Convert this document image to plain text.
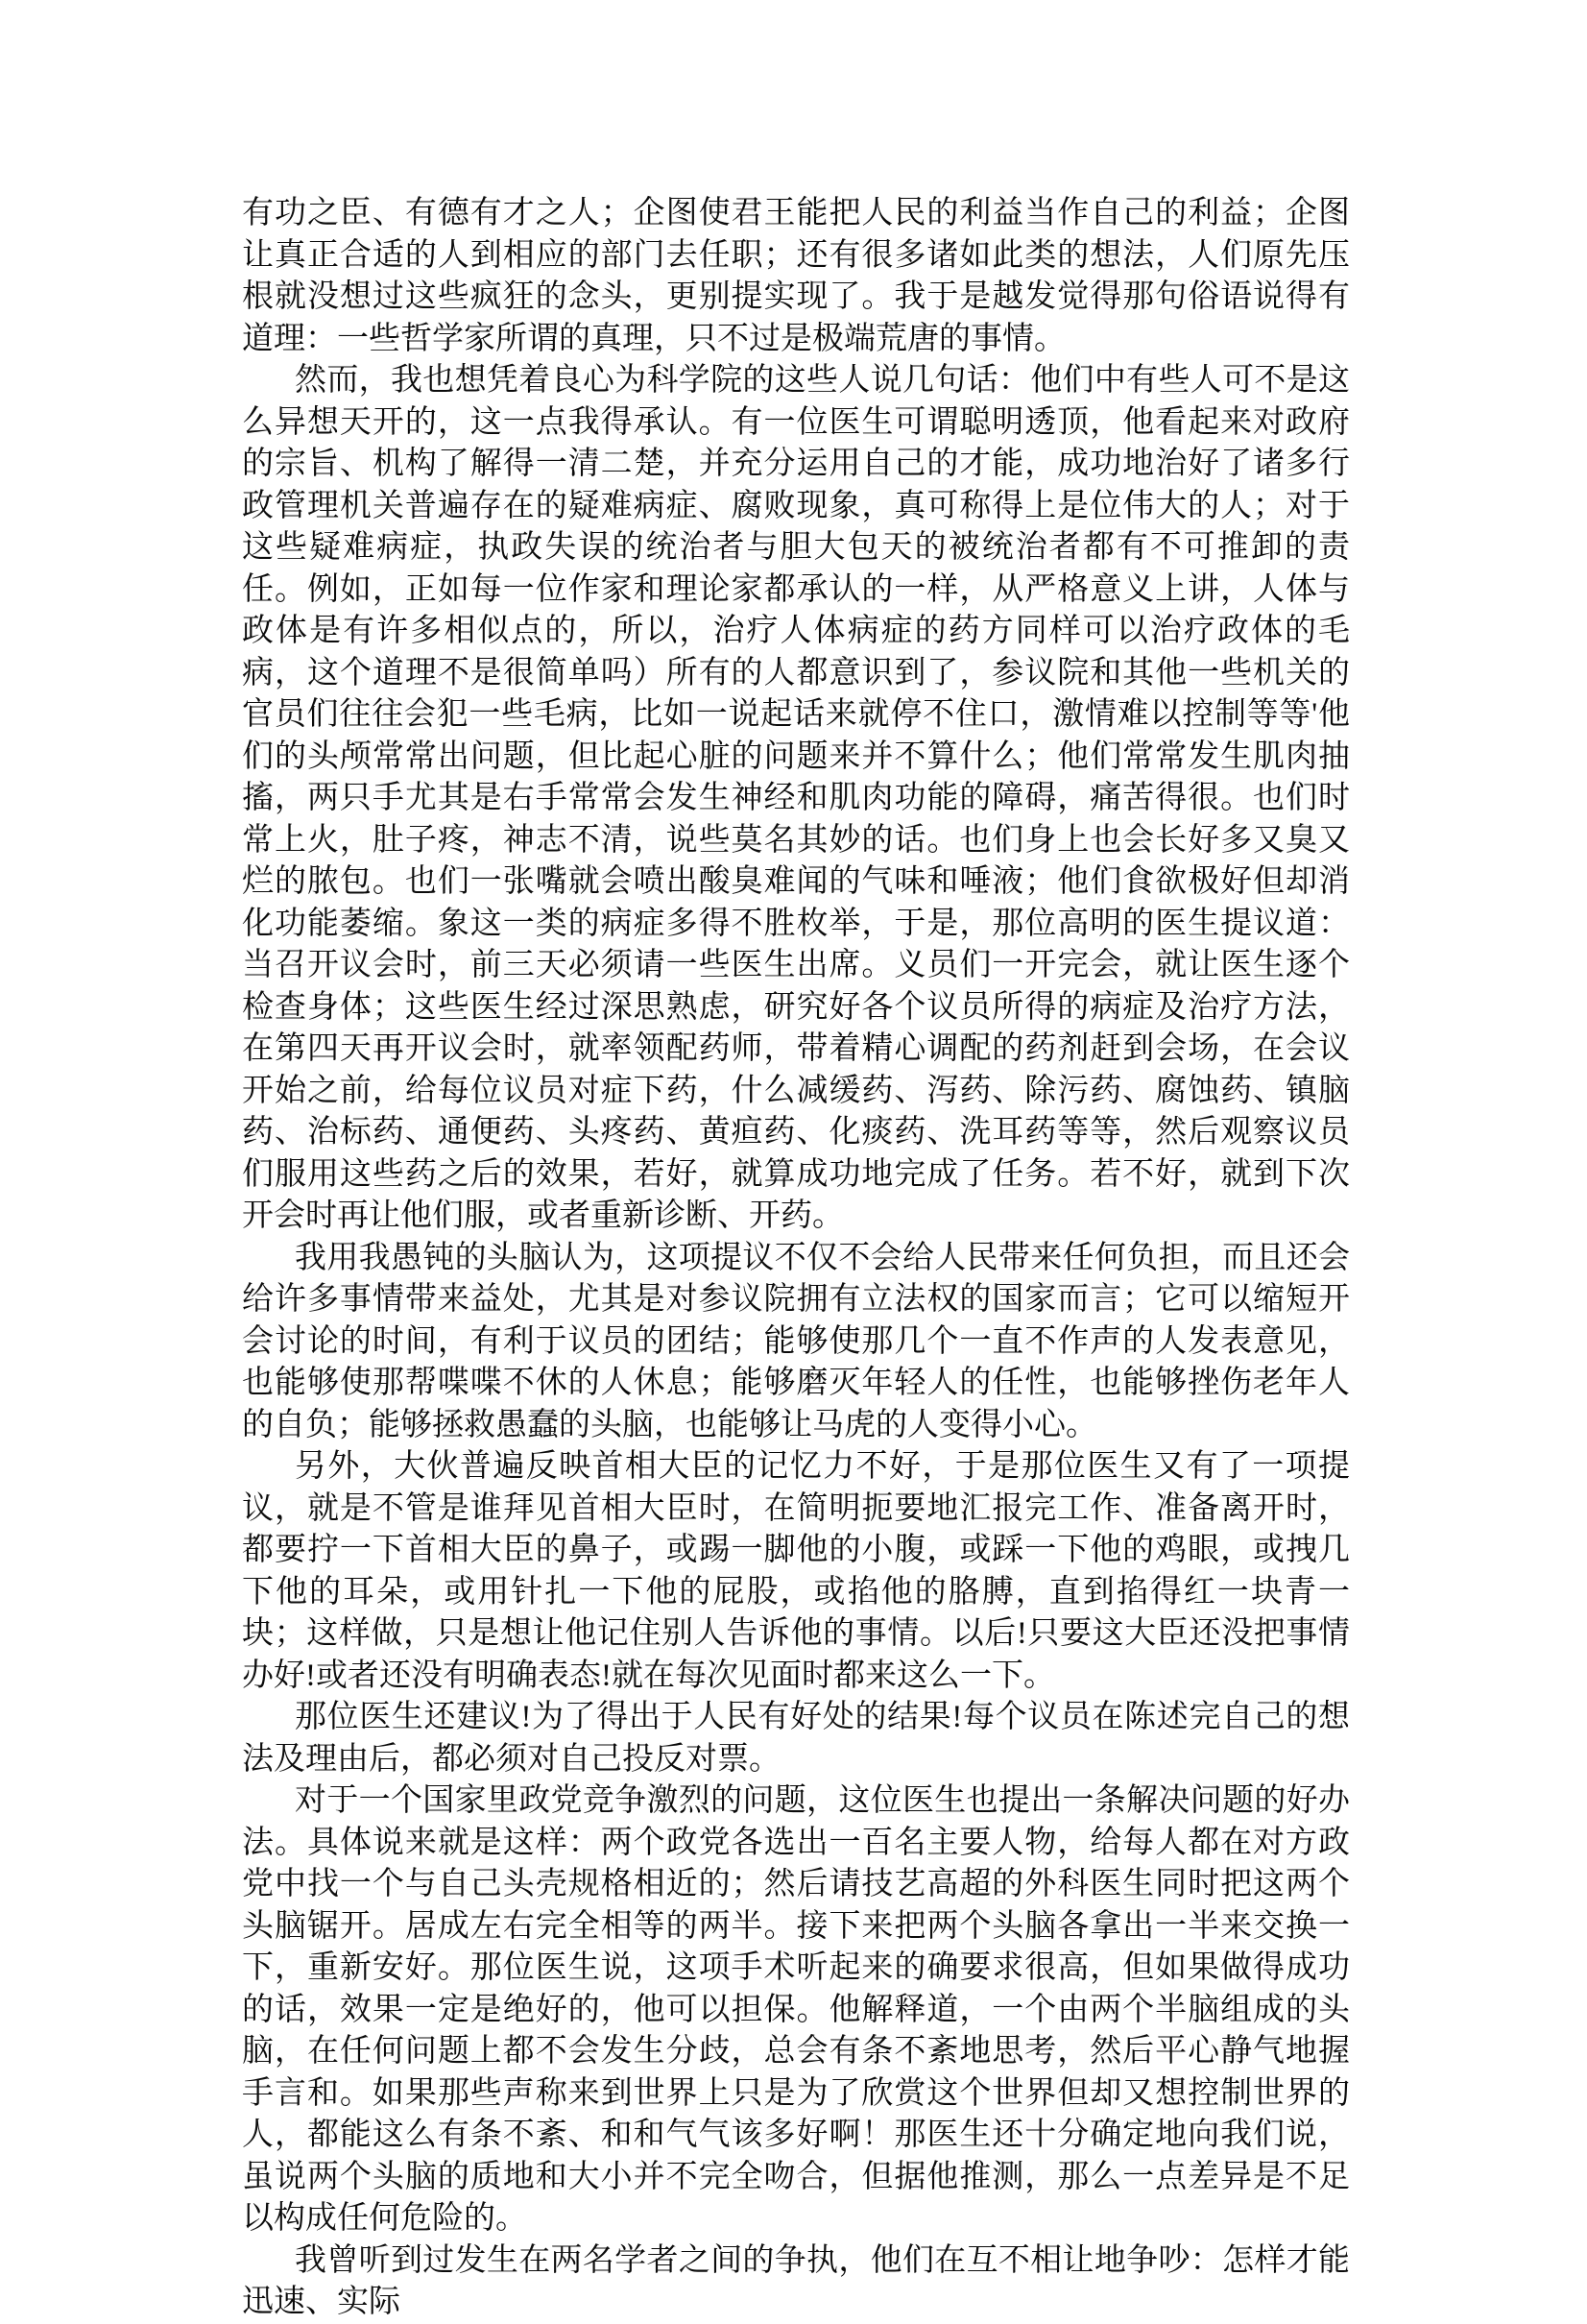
有功之臣、有德有才之人；企图使君王能把人民的利益当作自己的利益；企图让真正合适的人到相应的部门去任职；还有很多诸如此类的想法，人们原先压根就没想过这些疯狂的念头，更别提实现了。我于是越发觉得那句俗语说得有道理：一些哲学家所谓的真理，只不过是极端荒唐的事情。

然而，我也想凭着良心为科学院的这些人说几句话：他们中有些人可不是这么异想天开的，这一点我得承认。有一位医生可谓聪明透顶，他看起来对政府的宗旨、机构了解得一清二楚，并充分运用自己的才能，成功地治好了诸多行政管理机关普遍存在的疑难病症、腐败现象，真可称得上是位伟大的人；对于这些疑难病症，执政失误的统治者与胆大包天的被统治者都有不可推卸的责任。例如，正如每一位作家和理论家都承认的一样，从严格意义上讲，人体与政体是有许多相似点的，所以，治疗人体病症的药方同样可以治疗政体的毛病，这个道理不是很简单吗）所有的人都意识到了，参议院和其他一些机关的官员们往往会犯一些毛病，比如一说起话来就停不住口，激情难以控制等等'他们的头颅常常出问题，但比起心脏的问题来并不算什么；他们常常发生肌肉抽搐，两只手尤其是右手常常会发生神经和肌肉功能的障碍，痛苦得很。也们时常上火，肚子疼，神志不清，说些莫名其妙的话。也们身上也会长好多又臭又烂的脓包。也们一张嘴就会喷出酸臭难闻的气味和唾液；他们食欲极好但却消化功能萎缩。象这一类的病症多得不胜枚举，于是，那位高明的医生提议道：当召开议会时，前三天必须请一些医生出席。义员们一开完会，就让医生逐个检查身体；这些医生经过深思熟虑，研究好各个议员所得的病症及治疗方法，在第四天再开议会时，就率领配药师，带着精心调配的药剂赶到会场，在会议开始之前，给每位议员对症下药，什么减缓药、泻药、除污药、腐蚀药、镇脑药、治标药、通便药、头疼药、黄疸药、化痰药、洗耳药等等，然后观察议员们服用这些药之后的效果，若好，就算成功地完成了任务。若不好，就到下次开会时再让他们服，或者重新诊断、开药。

我用我愚钝的头脑认为，这项提议不仅不会给人民带来任何负担，而且还会给许多事情带来益处，尤其是对参议院拥有立法权的国家而言；它可以缩短开会讨论的时间，有利于议员的团结；能够使那几个一直不作声的人发表意见，也能够使那帮喋喋不休的人休息；能够磨灭年轻人的任性，也能够挫伤老年人的自负；能够拯救愚蠢的头脑，也能够让马虎的人变得小心。

另外，大伙普遍反映首相大臣的记忆力不好，于是那位医生又有了一项提议，就是不管是谁拜见首相大臣时，在简明扼要地汇报完工作、准备离开时，都要拧一下首相大臣的鼻子，或踢一脚他的小腹，或踩一下他的鸡眼，或拽几下他的耳朵，或用针扎一下他的屁股，或掐他的胳膊，直到掐得红一块青一块；这样做，只是想让他记住别人告诉他的事情。以后!只要这大臣还没把事情办好!或者还没有明确表态!就在每次见面时都来这么一下。

那位医生还建议!为了得出于人民有好处的结果!每个议员在陈述完自己的想法及理由后，都必须对自己投反对票。

对于一个国家里政党竞争激烈的问题，这位医生也提出一条解决问题的好办法。具体说来就是这样：两个政党各选出一百名主要人物，给每人都在对方政党中找一个与自己头壳规格相近的；然后请技艺高超的外科医生同时把这两个头脑锯开。居成左右完全相等的两半。接下来把两个头脑各拿出一半来交换一下，重新安好。那位医生说，这项手术听起来的确要求很高，但如果做得成功的话，效果一定是绝好的，他可以担保。他解释道，一个由两个半脑组成的头脑，在任何问题上都不会发生分歧，总会有条不紊地思考，然后平心静气地握手言和。如果那些声称来到世界上只是为了欣赏这个世界但却又想控制世界的人，都能这么有条不紊、和和气气该多好啊！那医生还十分确定地向我们说，虽说两个头脑的质地和大小并不完全吻合，但据他推测，那么一点差异是不足以构成任何危险的。

我曾听到过发生在两名学者之间的争执，他们在互不相让地争吵：怎样才能迅速、实际
